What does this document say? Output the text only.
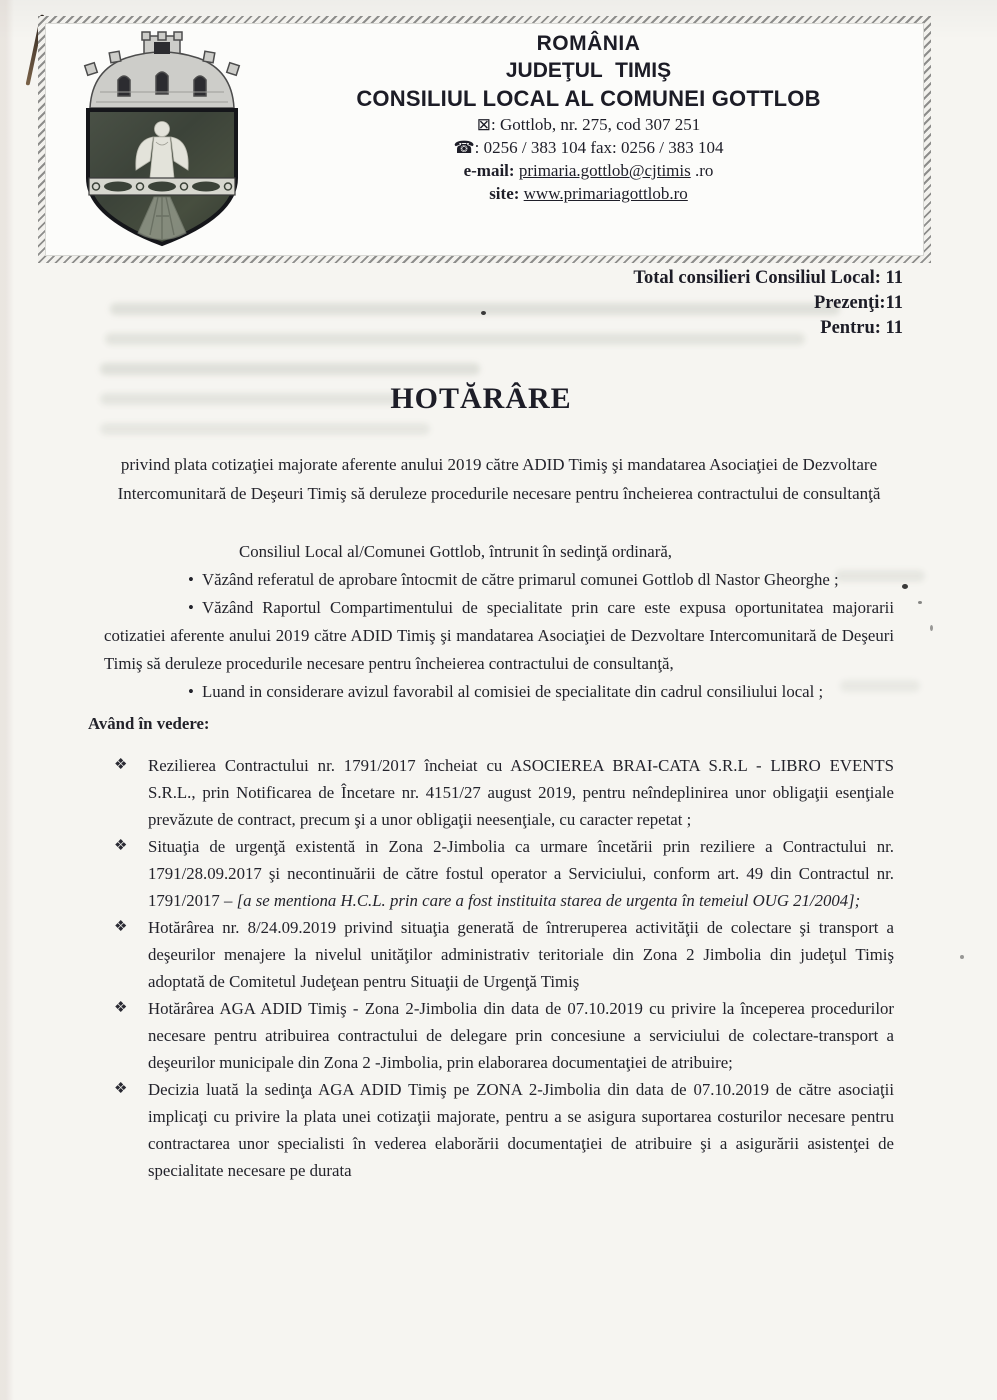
ROMÂNIA
JUDEŢUL TIMIŞ
CONSILIUL LOCAL AL COMUNEI GOTTLOB
⊠: Gottlob, nr. 275, cod 307 251
☎: 0256 / 383 104 fax: 0256 / 383 104
e-mail: primaria.gottlob@cjtimis .ro
site: www.primariagottlob.ro
Total consilieri Consiliul Local: 11
Prezenţi:11
Pentru: 11
HOTĂRÂRE
privind plata cotizaţiei majorate aferente anului 2019 către ADID Timiş şi mandatarea Asociaţiei de Dezvoltare Intercomunitară de Deşeuri Timiş să deruleze procedurile necesare pentru încheierea contractului de consultanţă

Consiliul Local al/Comunei Gottlob, întrunit în sedinţă ordinară,

• Văzând referatul de aprobare întocmit de către primarul comunei Gottlob dl Nastor Gheorghe ;

• Văzând Raportul Compartimentului de specialitate prin care este expusa oportunitatea majorarii cotizatiei aferente anului 2019 către ADID Timiş şi mandatarea Asociaţiei de Dezvoltare Intercomunitară de Deşeuri Timiş să deruleze procedurile necesare pentru încheierea contractului de consultanţă,

• Luand in considerare avizul favorabil al comisiei de specialitate din cadrul consiliului local ;

Având în vedere:

❖ Rezilierea Contractului nr. 1791/2017 încheiat cu ASOCIEREA BRAI-CATA S.R.L - LIBRO EVENTS S.R.L., prin Notificarea de Încetare nr. 4151/27 august 2019, pentru neîndeplinirea unor obligaţii esenţiale prevăzute de contract, precum şi a unor obligaţii neesenţiale, cu caracter repetat ;

❖ Situaţia de urgenţă existentă in Zona 2-Jimbolia ca urmare încetării prin reziliere a Contractului nr. 1791/28.09.2017 şi necontinuării de către fostul operator a Serviciului, conform art. 49 din Contractul nr. 1791/2017 – [a se mentiona H.C.L. prin care a fost instituita starea de urgenta în temeiul OUG 21/2004];

❖ Hotărârea nr. 8/24.09.2019 privind situaţia generată de întreruperea activităţii de colectare şi transport a deşeurilor menajere la nivelul unităţilor administrativ teritoriale din Zona 2 Jimbolia din judeţul Timiş adoptată de Comitetul Judeţean pentru Situaţii de Urgenţă Timiş

❖ Hotărârea AGA ADID Timiş - Zona 2-Jimbolia din data de 07.10.2019 cu privire la începerea procedurilor necesare pentru atribuirea contractului de delegare prin concesiune a serviciului de colectare-transport a deşeurilor municipale din Zona 2 -Jimbolia, prin elaborarea documentaţiei de atribuire;

❖ Decizia luată la sedinţa AGA ADID Timiş pe ZONA 2-Jimbolia din data de 07.10.2019 de către asociaţii implicaţi cu privire la plata unei cotizaţii majorate, pentru a se asigura suportarea costurilor necesare pentru contractarea unor specialisti în vederea elaborării documentaţiei de atribuire şi a asigurării asistenţei de specialitate necesare pe durata
